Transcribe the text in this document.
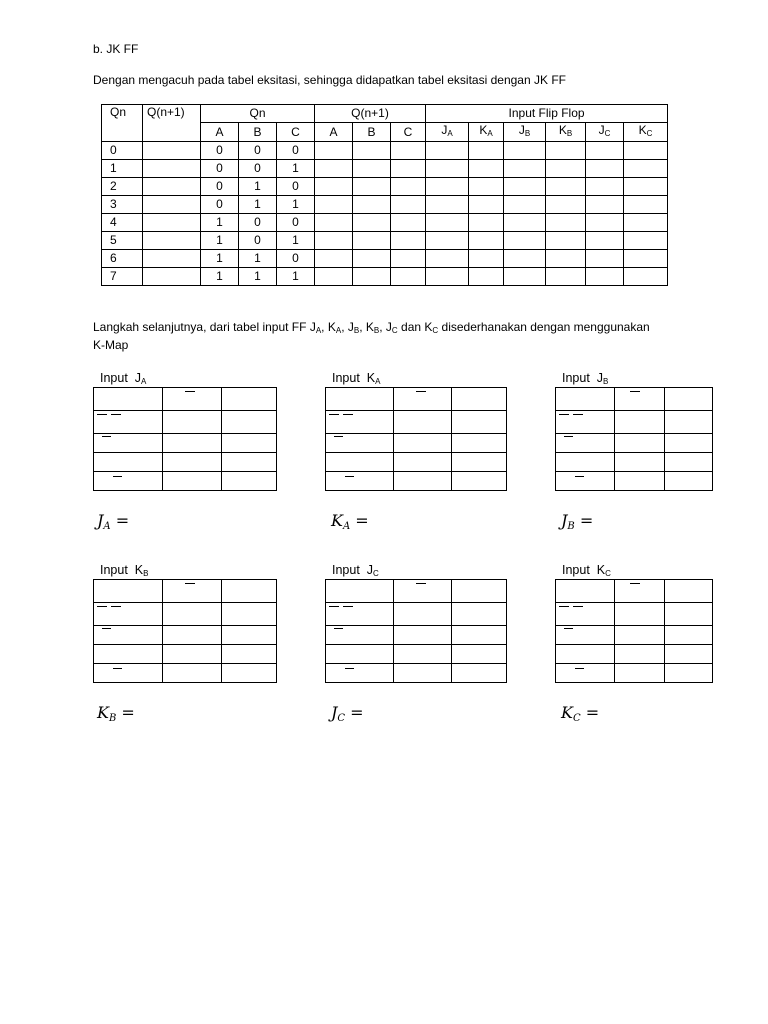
b. JK FF
Dengan mengacuh pada tabel eksitasi, sehingga didapatkan tabel eksitasi dengan JK FF
Qn	Q(n+1)	Qn			Q(n+1)			Input Flip Flop					
		A	B	C	A	B	C	$J_A$	$K_A$	$J_B$	$K_B$	$J_C$	$K_C$
0		0	0	0									
1		0	0	1									
2		0	1	0									
3		0	1	1									
4		1	0	0									
5		1	0	1									
6		1	1	0									
7		1	1	1									
Langkah selanjutnya, dari tabel input FF $J_A$, $K_A$, $J_B$, $K_B$, $J_C$ dan $K_C$ disederhanakan dengan menggunakan
K-Map
Input $J_A$

$J_A$ =
Input $K_A$

$K_A$ =
Input $J_B$

$J_B$ =
Input $K_B$

$K_B$ =
Input $J_C$

$J_C$ =
Input $K_C$

$K_C$ =
